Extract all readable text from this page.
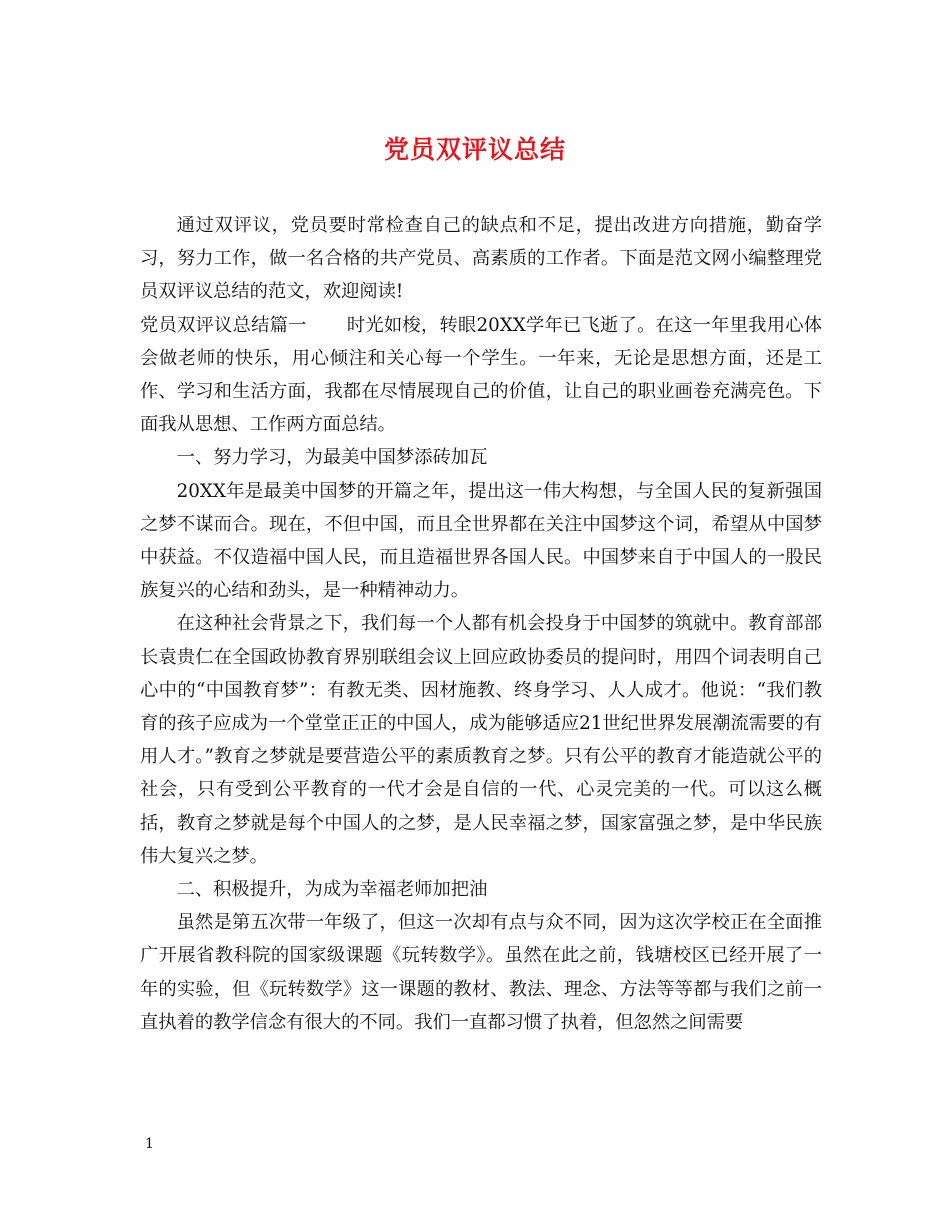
党员双评议总结

通过双评议，党员要时常检查自己的缺点和不足，提出改进方向措施，勤奋学习，努力工作，做一名合格的共产党员、高素质的工作者。下面是范文网小编整理党员双评议总结的范文，欢迎阅读!

党员双评议总结篇一 时光如梭，转眼20XX学年已飞逝了。在这一年里我用心体会做老师的快乐，用心倾注和关心每一个学生。一年来，无论是思想方面，还是工作、学习和生活方面，我都在尽情展现自己的价值，让自己的职业画卷充满亮色。下面我从思想、工作两方面总结。

一、努力学习，为最美中国梦添砖加瓦

20XX年是最美中国梦的开篇之年，提出这一伟大构想，与全国人民的复新强国之梦不谋而合。现在，不但中国，而且全世界都在关注中国梦这个词，希望从中国梦中获益。不仅造福中国人民，而且造福世界各国人民。中国梦来自于中国人的一股民族复兴的心结和劲头，是一种精神动力。

在这种社会背景之下，我们每一个人都有机会投身于中国梦的筑就中。教育部部长袁贵仁在全国政协教育界别联组会议上回应政协委员的提问时，用四个词表明自己心中的“中国教育梦”：有教无类、因材施教、终身学习、人人成才。他说：“我们教育的孩子应成为一个堂堂正正的中国人，成为能够适应21世纪世界发展潮流需要的有用人才。”教育之梦就是要营造公平的素质教育之梦。只有公平的教育才能造就公平的社会，只有受到公平教育的一代才会是自信的一代、心灵完美的一代。可以这么概括，教育之梦就是每个中国人的之梦，是人民幸福之梦，国家富强之梦，是中华民族伟大复兴之梦。

二、积极提升，为成为幸福老师加把油

虽然是第五次带一年级了，但这一次却有点与众不同，因为这次学校正在全面推广开展省教科院的国家级课题《玩转数学》。虽然在此之前，钱塘校区已经开展了一年的实验，但《玩转数学》这一课题的教材、教法、理念、方法等等都与我们之前一直执着的教学信念有很大的不同。我们一直都习惯了执着，但忽然之间需要

1
